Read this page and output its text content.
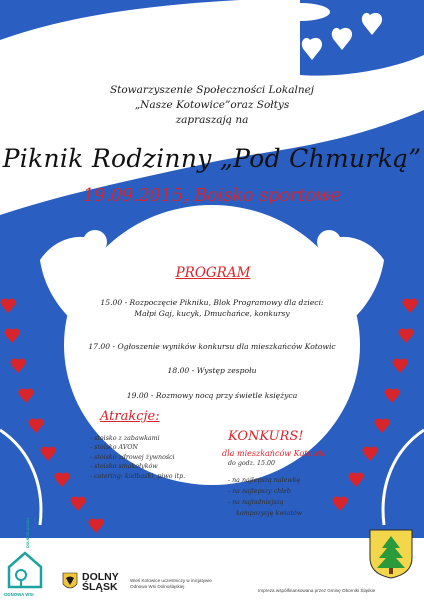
Stowarzyszenie Społeczności Lokalnej
„Nasze Kotowice”oraz Sołtys
zapraszają na
Piknik Rodzinny „Pod Chmurką”
19.09.2015, Boisko sportowe
PROGRAM
15.00 - Rozpoczęcie Pikniku, Blok Programowy dla dzieci:
Małpi Gaj, kucyk, Dmuchańce, konkursy
17.00 - Ogłoszenie wyników konkursu dla mieszkańców Kotowic
18.00 - Występ zespołu
19.00 - Rozmowy nocą przy świetle księżyca
Atrakcje:
- stoisko z zabawkami
- stoisko AVON
- stoisko zdrowej żywności
- stoisko smakołyków
- catering: kiełbaski, piwo itp.
KONKURS!
dla mieszkańców Kotowic
do godz. 15.00
- na najlepszą nalewkę
- na najlepszy chleb
- na najładniejszą
kompozycję kwiatów
ODNOWA WSI
DOLNOŚLĄSKIEJ
DOLNY
ŚLĄSK
Wieś Kotowice uczestniczy w inicjatywie
Odnowa Wsi Dolnośląskiej
Impreza współfinansowana przez Gminę Oborniki Śląskie
